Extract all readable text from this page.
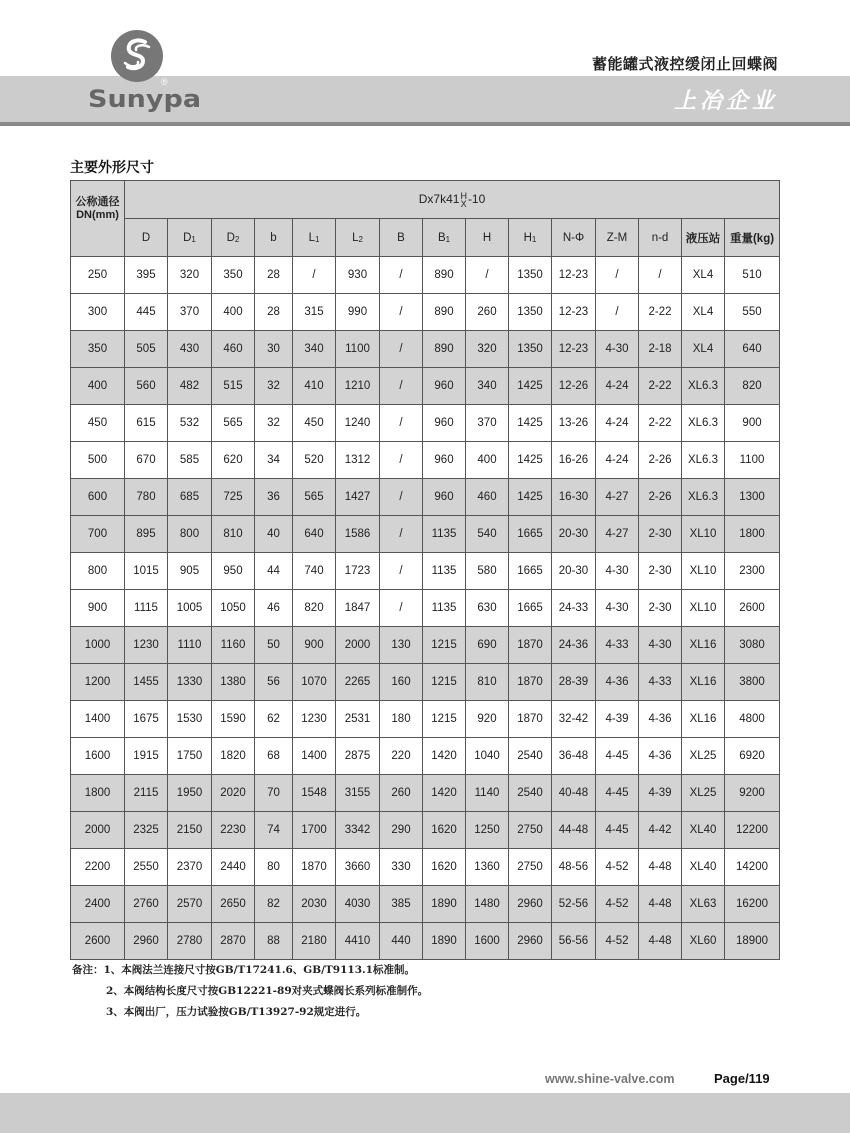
®
Sunypa
蓄能罐式液控缓闭止回蝶阀
上冶企业
主要外形尺寸
公称通径
DN(mm)	Dx7k41 H
X -10														
	D	$D_1$	$D_2$	b	$L_1$	$L_2$	B	$B_1$	H	$H_1$	N-Φ	Z-M	n-d	液压站	重量(kg)
250	395	320	350	28	/	930	/	890	/	1350	12-23	/	/	XL4	510
300	445	370	400	28	315	990	/	890	260	1350	12-23	/	2-22	XL4	550
350	505	430	460	30	340	1100	/	890	320	1350	12-23	4-30	2-18	XL4	640
400	560	482	515	32	410	1210	/	960	340	1425	12-26	4-24	2-22	XL6.3	820
450	615	532	565	32	450	1240	/	960	370	1425	13-26	4-24	2-22	XL6.3	900
500	670	585	620	34	520	1312	/	960	400	1425	16-26	4-24	2-26	XL6.3	1100
600	780	685	725	36	565	1427	/	960	460	1425	16-30	4-27	2-26	XL6.3	1300
700	895	800	810	40	640	1586	/	1135	540	1665	20-30	4-27	2-30	XL10	1800
800	1015	905	950	44	740	1723	/	1135	580	1665	20-30	4-30	2-30	XL10	2300
900	1115	1005	1050	46	820	1847	/	1135	630	1665	24-33	4-30	2-30	XL10	2600
1000	1230	1110	1160	50	900	2000	130	1215	690	1870	24-36	4-33	4-30	XL16	3080
1200	1455	1330	1380	56	1070	2265	160	1215	810	1870	28-39	4-36	4-33	XL16	3800
1400	1675	1530	1590	62	1230	2531	180	1215	920	1870	32-42	4-39	4-36	XL16	4800
1600	1915	1750	1820	68	1400	2875	220	1420	1040	2540	36-48	4-45	4-36	XL25	6920
1800	2115	1950	2020	70	1548	3155	260	1420	1140	2540	40-48	4-45	4-39	XL25	9200
2000	2325	2150	2230	74	1700	3342	290	1620	1250	2750	44-48	4-45	4-42	XL40	12200
2200	2550	2370	2440	80	1870	3660	330	1620	1360	2750	48-56	4-52	4-48	XL40	14200
2400	2760	2570	2650	82	2030	4030	385	1890	1480	2960	52-56	4-52	4-48	XL63	16200
2600	2960	2780	2870	88	2180	4410	440	1890	1600	2960	56-56	4-52	4-48	XL60	18900
备注：1、本阀法兰连接尺寸按GB/T17241.6、GB/T9113.1标准制。
2、本阀结构长度尺寸按GB12221-89对夹式蝶阀长系列标准制作。
3、本阀出厂，压力试验按GB/T13927-92规定进行。
www.shine-valve.com	Page/119
